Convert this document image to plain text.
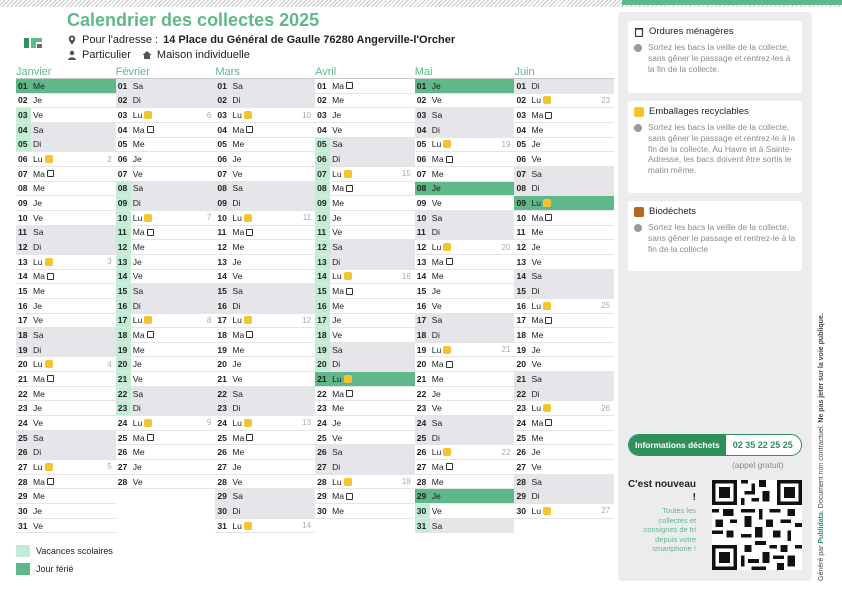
Calendrier des collectes 2025
Pour l'adresse : 14 Place du Général de Gaulle 76280 Angerville-l'Orcher
Particulier Maison individuelle
Janvier
01 Me
02 Je
03 Ve
04 Sa
05 Di
06 Lu	2
07 Ma
08 Me
09 Je
10 Ve
11 Sa
12 Di
13 Lu	3
14 Ma
15 Me
16 Je
17 Ve
18 Sa
19 Di
20 Lu	4
21 Ma
22 Me
23 Je
24 Ve
25 Sa
26 Di
27 Lu	5
28 Ma
29 Me
30 Je
31 Ve
Février
01 Sa
02 Di
03 Lu	6
04 Ma
05 Me
06 Je
07 Ve
08 Sa
09 Di
10 Lu	7
11 Ma
12 Me
13 Je
14 Ve
15 Sa
16 Di
17 Lu	8
18 Ma
19 Me
20 Je
21 Ve
22 Sa
23 Di
24 Lu	9
25 Ma
26 Me
27 Je
28 Ve
Mars
01 Sa
02 Di
03 Lu	10
04 Ma
05 Me
06 Je
07 Ve
08 Sa
09 Di
10 Lu	11
11 Ma
12 Me
13 Je
14 Ve
15 Sa
16 Di
17 Lu	12
18 Ma
19 Me
20 Je
21 Ve
22 Sa
23 Di
24 Lu	13
25 Ma
26 Me
27 Je
28 Ve
29 Sa
30 Di
31 Lu	14
Avril
01 Ma
02 Me
03 Je
04 Ve
05 Sa
06 Di
07 Lu	15
08 Ma
09 Me
10 Je
11 Ve
12 Sa
13 Di
14 Lu	16
15 Ma
16 Me
17 Je
18 Ve
19 Sa
20 Di
21 Lu
22 Ma
23 Me
24 Je
25 Ve
26 Sa
27 Di
28 Lu	18
29 Ma
30 Me
Mai
01 Je
02 Ve
03 Sa
04 Di
05 Lu	19
06 Ma
07 Me
08 Je
09 Ve
10 Sa
11 Di
12 Lu	20
13 Ma
14 Me
15 Je
16 Ve
17 Sa
18 Di
19 Lu	21
20 Ma
21 Me
22 Je
23 Ve
24 Sa
25 Di
26 Lu	22
27 Ma
28 Me
29 Je
30 Ve
31 Sa
Juin
01 Di
02 Lu	23
03 Ma
04 Me
05 Je
06 Ve
07 Sa
08 Di
09 Lu
10 Ma
11 Me
12 Je
13 Ve
14 Sa
15 Di
16 Lu	25
17 Ma
18 Me
19 Je
20 Ve
21 Sa
22 Di
23 Lu	26
24 Ma
25 Me
26 Je
27 Ve
28 Sa
29 Di
30 Lu	27
Vacances scolaires
Jour férié
Ordures ménagères
Sortez les bacs la veille de la collecte, sans gêner le passage et rentrez-les à la fin de la collecte.
Emballages recyclables
Sortez les bacs la veille de la collecte, sans gêner le passage et rentrez-le à la fin de la collecte. Au Havre et à Sainte-Adresse, les bacs doivent être sortis le matin même.
Biodéchets
Sortez les bacs la veille de la collecte, sans gêner le passage et rentrez-le à la fin de la collecte
Informations déchets	02 35 22 25 25
(appel gratuit)
C'est nouveau !
Toutes les collectes et consignes de tri depuis votre smartphone !	Généré par Publidata. Document non contractuel. Ne pas jeter sur la voie publique.
